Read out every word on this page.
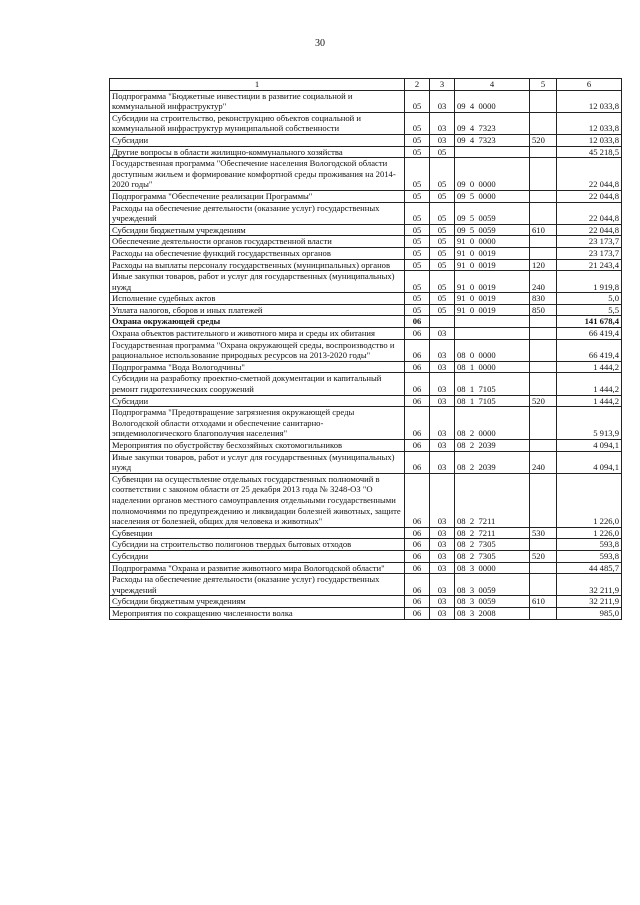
30
1	2	3	4	5	6
Подпрограмма "Бюджетные инвестиции в развитие социальной и коммунальной инфраструктур"	05	03	09  4  0000		12 033,8
Субсидии на строительство, реконструкцию объектов социальной и коммунальной инфраструктур муниципальной собственности	05	03	09  4  7323		12 033,8
Субсидии	05	03	09  4  7323	520	12 033,8
Другие вопросы в области жилищно-коммунального хозяйства	05	05			45 218,5
Государственная программа "Обеспечение населения Вологодской области доступным жильем и формирование комфортной среды проживания на 2014-2020 годы"	05	05	09  0  0000		22 044,8
Подпрограмма "Обеспечение реализации Программы"	05	05	09  5  0000		22 044,8
Расходы на обеспечение деятельности (оказание услуг) государственных учреждений	05	05	09  5  0059		22 044,8
Субсидии бюджетным учреждениям	05	05	09  5  0059	610	22 044,8
Обеспечение деятельности органов государственной власти	05	05	91  0  0000		23 173,7
Расходы на обеспечение функций государственных органов	05	05	91  0  0019		23 173,7
Расходы на выплаты персоналу государственных (муниципальных) органов	05	05	91  0  0019	120	21 243,4
Иные закупки товаров, работ и услуг для государственных (муниципальных) нужд	05	05	91  0  0019	240	1 919,8
Исполнение судебных актов	05	05	91  0  0019	830	5,0
Уплата налогов, сборов и иных платежей	05	05	91  0  0019	850	5,5
Охрана окружающей среды	06				141 678,4
Охрана объектов растительного и животного мира и среды их обитания	06	03			66 419,4
Государственная программа "Охрана окружающей среды, воспроизводство и рациональное использование природных ресурсов на 2013-2020 годы"	06	03	08  0  0000		66 419,4
Подпрограмма "Вода Вологодчины"	06	03	08  1  0000		1 444,2
Субсидии на разработку проектно-сметной документации и капитальный ремонт гидротехнических сооружений	06	03	08  1  7105		1 444,2
Субсидии	06	03	08  1  7105	520	1 444,2
Подпрограмма "Предотвращение загрязнения окружающей среды Вологодской области отходами и обеспечение санитарно-эпидемиологического благополучия населения"	06	03	08  2  0000		5 913,9
Мероприятия по обустройству бесхозяйных скотомогильников	06	03	08  2  2039		4 094,1
Иные закупки товаров, работ и услуг для государственных (муниципальных) нужд	06	03	08  2  2039	240	4 094,1
Субвенции на осуществление отдельных государственных полномочий в соответствии с законом области от 25 декабря 2013 года № 3248-ОЗ "О наделении органов местного самоуправления отдельными государственными полномочиями по предупреждению и ликвидации болезней животных, защите населения от болезней, общих для человека и животных"	06	03	08  2  7211		1 226,0
Субвенции	06	03	08  2  7211	530	1 226,0
Субсидии на строительство полигонов твердых бытовых отходов	06	03	08  2  7305		593,8
Субсидии	06	03	08  2  7305	520	593,8
Подпрограмма "Охрана и развитие животного мира Вологодской области"	06	03	08  3  0000		44 485,7
Расходы на обеспечение деятельности (оказание услуг) государственных учреждений	06	03	08  3  0059		32 211,9
Субсидии бюджетным учреждениям	06	03	08  3  0059	610	32 211,9
Мероприятия по сокращению численности волка	06	03	08  3  2008		985,0
